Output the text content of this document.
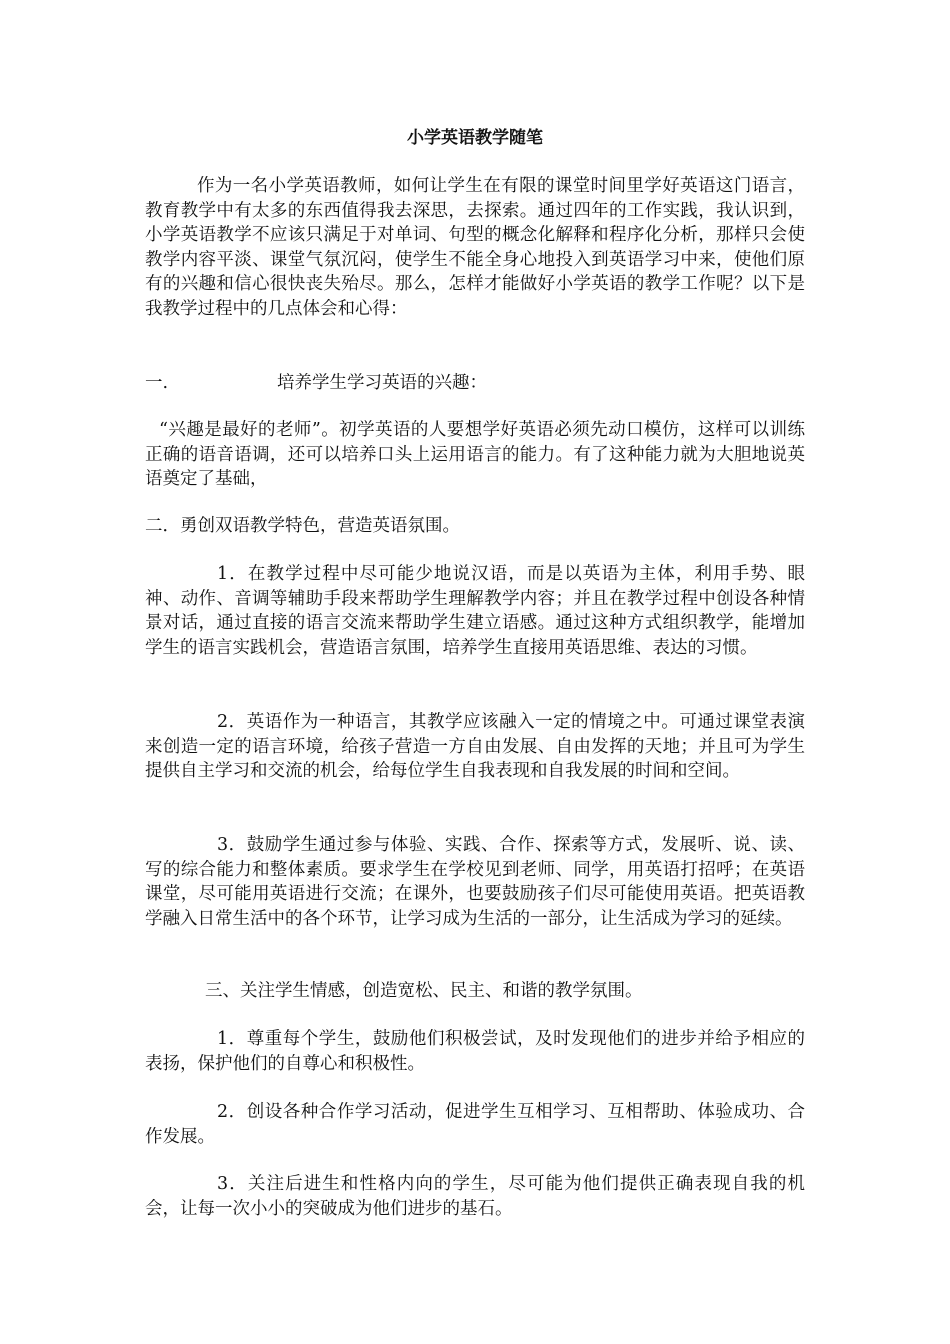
小学英语教学随笔

作为一名小学英语教师，如何让学生在有限的课堂时间里学好英语这门语言，教育教学中有太多的东西值得我去深思，去探索。通过四年的工作实践，我认识到，小学英语教学不应该只满足于对单词、句型的概念化解释和程序化分析，那样只会使教学内容平淡、课堂气氛沉闷，使学生不能全身心地投入到英语学习中来，使他们原有的兴趣和信心很快丧失殆尽。那么，怎样才能做好小学英语的教学工作呢？以下是我教学过程中的几点体会和心得：

一.	培养学生学习英语的兴趣：

“兴趣是最好的老师”。初学英语的人要想学好英语必须先动口模仿，这样可以训练正确的语音语调，还可以培养口头上运用语言的能力。有了这种能力就为大胆地说英语奠定了基础，

二．勇创双语教学特色，营造英语氛围。

1．在教学过程中尽可能少地说汉语，而是以英语为主体，利用手势、眼神、动作、音调等辅助手段来帮助学生理解教学内容；并且在教学过程中创设各种情景对话，通过直接的语言交流来帮助学生建立语感。通过这种方式组织教学，能增加学生的语言实践机会，营造语言氛围，培养学生直接用英语思维、表达的习惯。

2．英语作为一种语言，其教学应该融入一定的情境之中。可通过课堂表演来创造一定的语言环境，给孩子营造一方自由发展、自由发挥的天地；并且可为学生提供自主学习和交流的机会，给每位学生自我表现和自我发展的时间和空间。

3．鼓励学生通过参与体验、实践、合作、探索等方式，发展听、说、读、写的综合能力和整体素质。要求学生在学校见到老师、同学，用英语打招呼；在英语课堂，尽可能用英语进行交流；在课外，也要鼓励孩子们尽可能使用英语。把英语教学融入日常生活中的各个环节，让学习成为生活的一部分，让生活成为学习的延续。

三、关注学生情感，创造宽松、民主、和谐的教学氛围。

1．尊重每个学生，鼓励他们积极尝试，及时发现他们的进步并给予相应的表扬，保护他们的自尊心和积极性。

2．创设各种合作学习活动，促进学生互相学习、互相帮助、体验成功、合作发展。

3．关注后进生和性格内向的学生，尽可能为他们提供正确表现自我的机会，让每一次小小的突破成为他们进步的基石。
